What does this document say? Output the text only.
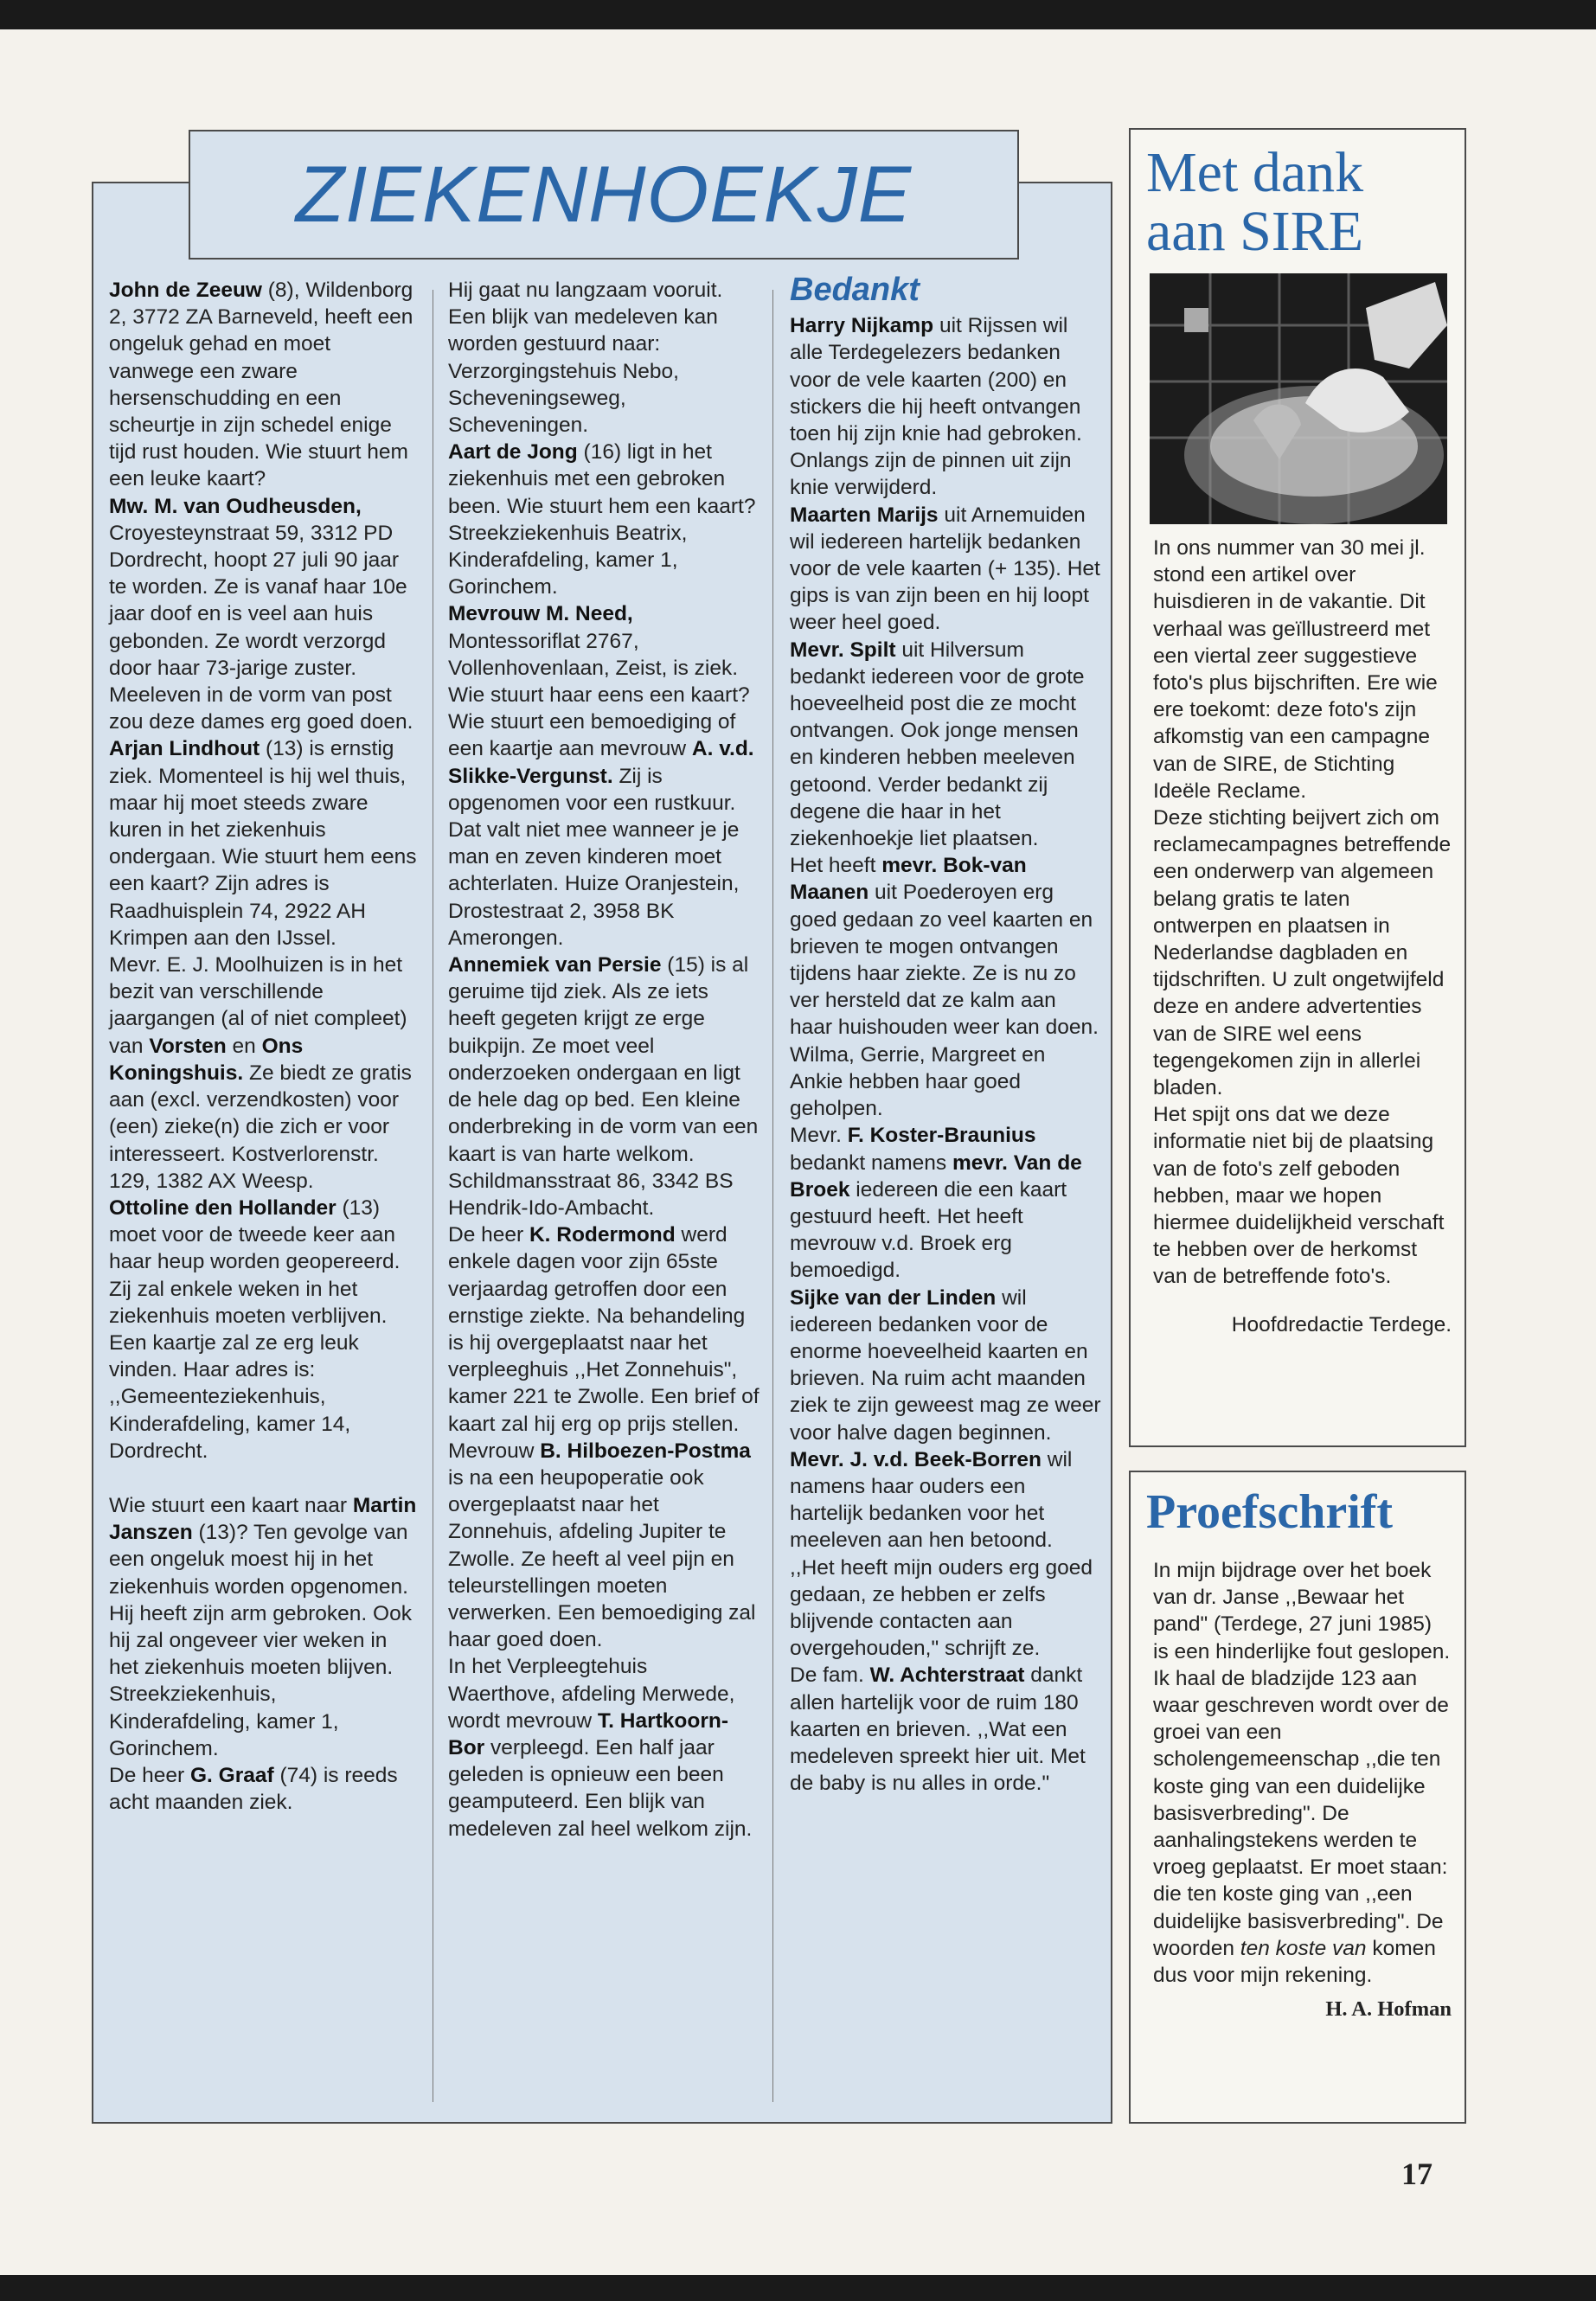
ZIEKENHOEKJE

John de Zeeuw (8), Wildenborg 2, 3772 ZA Barneveld, heeft een ongeluk gehad en moet vanwege een zware hersenschudding en een scheurtje in zijn schedel enige tijd rust houden. Wie stuurt hem een leuke kaart?

Mw. M. van Oudheusden, Croyesteynstraat 59, 3312 PD Dordrecht, hoopt 27 juli 90 jaar te worden. Ze is vanaf haar 10e jaar doof en is veel aan huis gebonden. Ze wordt verzorgd door haar 73-jarige zuster. Meeleven in de vorm van post zou deze dames erg goed doen.

Arjan Lindhout (13) is ernstig ziek. Momenteel is hij wel thuis, maar hij moet steeds zware kuren in het ziekenhuis ondergaan. Wie stuurt hem eens een kaart? Zijn adres is Raadhuisplein 74, 2922 AH Krimpen aan den IJssel.

Mevr. E. J. Moolhuizen is in het bezit van verschillende jaargangen (al of niet compleet) van Vorsten en Ons Koningshuis. Ze biedt ze gratis aan (excl. verzendkosten) voor (een) zieke(n) die zich er voor interesseert. Kostverlorenstr. 129, 1382 AX Weesp.

Ottoline den Hollander (13) moet voor de tweede keer aan haar heup worden geopereerd. Zij zal enkele weken in het ziekenhuis moeten verblijven. Een kaartje zal ze erg leuk vinden. Haar adres is: ,,Gemeenteziekenhuis, Kinderafdeling, kamer 14, Dordrecht.

Wie stuurt een kaart naar Martin Janszen (13)? Ten gevolge van een ongeluk moest hij in het ziekenhuis worden opgenomen. Hij heeft zijn arm gebroken. Ook hij zal ongeveer vier weken in het ziekenhuis moeten blijven. Streekziekenhuis, Kinderafdeling, kamer 1, Gorinchem.

De heer G. Graaf (74) is reeds acht maanden ziek.

Hij gaat nu langzaam vooruit. Een blijk van medeleven kan worden gestuurd naar: Verzorgingstehuis Nebo, Scheveningseweg, Scheveningen.

Aart de Jong (16) ligt in het ziekenhuis met een gebroken been. Wie stuurt hem een kaart? Streekziekenhuis Beatrix, Kinderafdeling, kamer 1, Gorinchem.

Mevrouw M. Need, Montessoriflat 2767, Vollenhovenlaan, Zeist, is ziek. Wie stuurt haar eens een kaart? Wie stuurt een bemoediging of een kaartje aan mevrouw A. v.d. Slikke-Vergunst. Zij is opgenomen voor een rustkuur. Dat valt niet mee wanneer je je man en zeven kinderen moet achterlaten. Huize Oranjestein, Drostestraat 2, 3958 BK Amerongen.

Annemiek van Persie (15) is al geruime tijd ziek. Als ze iets heeft gegeten krijgt ze erge buikpijn. Ze moet veel onderzoeken ondergaan en ligt de hele dag op bed. Een kleine onderbreking in de vorm van een kaart is van harte welkom. Schildmansstraat 86, 3342 BS Hendrik-Ido-Ambacht.

De heer K. Rodermond werd enkele dagen voor zijn 65ste verjaardag getroffen door een ernstige ziekte. Na behandeling is hij overgeplaatst naar het verpleeghuis ,,Het Zonnehuis", kamer 221 te Zwolle. Een brief of kaart zal hij erg op prijs stellen.

Mevrouw B. Hilboezen-Postma is na een heupoperatie ook overgeplaatst naar het Zonnehuis, afdeling Jupiter te Zwolle. Ze heeft al veel pijn en teleurstellingen moeten verwerken. Een bemoediging zal haar goed doen.

In het Verpleegtehuis Waerthove, afdeling Merwede, wordt mevrouw T. Hartkoorn-Bor verpleegd. Een half jaar geleden is opnieuw een been geamputeerd. Een blijk van medeleven zal heel welkom zijn.

Bedankt

Harry Nijkamp uit Rijssen wil alle Terdegelezers bedanken voor de vele kaarten (200) en stickers die hij heeft ontvangen toen hij zijn knie had gebroken. Onlangs zijn de pinnen uit zijn knie verwijderd.

Maarten Marijs uit Arnemuiden wil iedereen hartelijk bedanken voor de vele kaarten (+ 135). Het gips is van zijn been en hij loopt weer heel goed.

Mevr. Spilt uit Hilversum bedankt iedereen voor de grote hoeveelheid post die ze mocht ontvangen. Ook jonge mensen en kinderen hebben meeleven getoond. Verder bedankt zij degene die haar in het ziekenhoekje liet plaatsen.

Het heeft mevr. Bok-van Maanen uit Poederoyen erg goed gedaan zo veel kaarten en brieven te mogen ontvangen tijdens haar ziekte. Ze is nu zo ver hersteld dat ze kalm aan haar huishouden weer kan doen. Wilma, Gerrie, Margreet en Ankie hebben haar goed geholpen.

Mevr. F. Koster-Braunius bedankt namens mevr. Van de Broek iedereen die een kaart gestuurd heeft. Het heeft mevrouw v.d. Broek erg bemoedigd.

Sijke van der Linden wil iedereen bedanken voor de enorme hoeveelheid kaarten en brieven. Na ruim acht maanden ziek te zijn geweest mag ze weer voor halve dagen beginnen.

Mevr. J. v.d. Beek-Borren wil namens haar ouders een hartelijk bedanken voor het meeleven aan hen betoond. ,,Het heeft mijn ouders erg goed gedaan, ze hebben er zelfs blijvende contacten aan overgehouden," schrijft ze.

De fam. W. Achterstraat dankt allen hartelijk voor de ruim 180 kaarten en brieven. ,,Wat een medeleven spreekt hier uit. Met de baby is nu alles in orde."

Met dank
aan SIRE

In ons nummer van 30 mei jl. stond een artikel over huisdieren in de vakantie. Dit verhaal was geïllustreerd met een viertal zeer suggestieve foto's plus bijschriften. Ere wie ere toekomt: deze foto's zijn afkomstig van een campagne van de SIRE, de Stichting Ideële Reclame.

Deze stichting beijvert zich om reclamecampagnes betreffende een onderwerp van algemeen belang gratis te laten ontwerpen en plaatsen in Nederlandse dagbladen en tijdschriften. U zult ongetwijfeld deze en andere advertenties van de SIRE wel eens tegengekomen zijn in allerlei bladen.

Het spijt ons dat we deze informatie niet bij de plaatsing van de foto's zelf geboden hebben, maar we hopen hiermee duidelijkheid verschaft te hebben over de herkomst van de betreffende foto's.

Hoofdredactie Terdege.

Proefschrift

In mijn bijdrage over het boek van dr. Janse ,,Bewaar het pand" (Terdege, 27 juni 1985) is een hinderlijke fout geslopen. Ik haal de bladzijde 123 aan waar geschreven wordt over de groei van een scholengemeenschap ,,die ten koste ging van een duidelijke basisverbreding". De aanhalingstekens werden te vroeg geplaatst. Er moet staan: die ten koste ging van ,,een duidelijke basisverbreding". De woorden ten koste van komen dus voor mijn rekening.

H. A. Hofman

17
